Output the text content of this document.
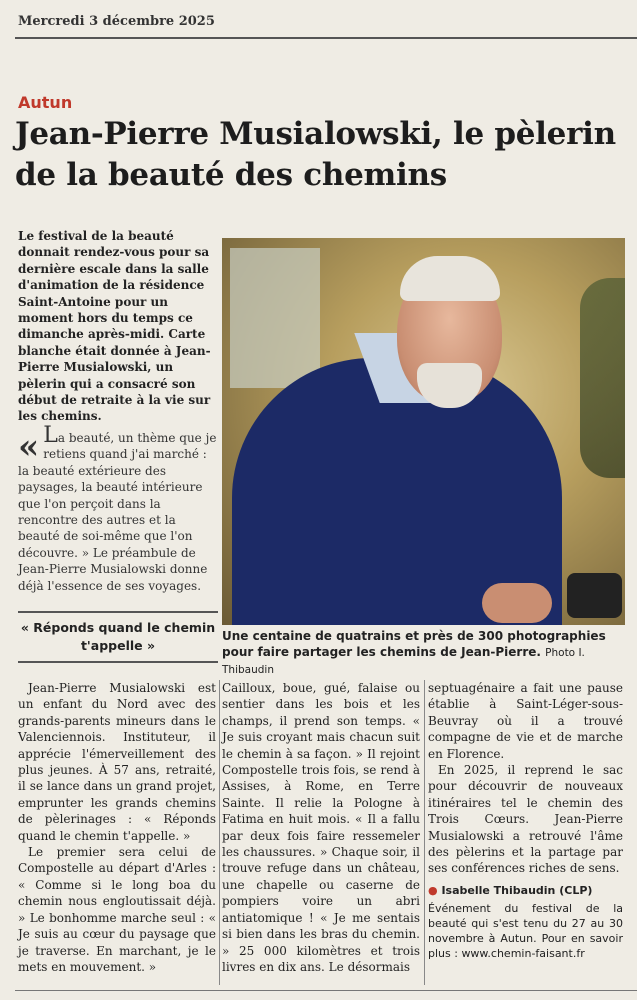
Mercredi 3 décembre 2025
Autun
Jean-Pierre Musialowski, le pèlerin de la beauté des chemins
Le festival de la beauté donnait rendez-vous pour sa dernière escale dans la salle d'animation de la résidence Saint-Antoine pour un moment hors du temps ce dimanche après-midi. Carte blanche était donnée à Jean-Pierre Musialowski, un pèlerin qui a consacré son début de retraite à la vie sur les chemins.
« La beauté, un thème que je retiens quand j'ai marché : la beauté extérieure des paysages, la beauté intérieure que l'on perçoit dans la rencontre des autres et la beauté de soi-même que l'on découvre. » Le préambule de Jean-Pierre Musialowski donne déjà l'essence de ses voyages.
Une centaine de quatrains et près de 300 photographies pour faire partager les chemins de Jean-Pierre. Photo I. Thibaudin
« Réponds quand le chemin t'appelle »

Jean-Pierre Musialowski est un enfant du Nord avec des grands-parents mineurs dans le Valenciennois. Instituteur, il apprécie l'émerveillement des plus jeunes. À 57 ans, retraité, il se lance dans un grand projet, emprunter les grands chemins de pèlerinages : « Réponds quand le chemin t'appelle. »

Le premier sera celui de Compostelle au départ d'Arles : « Comme si le long boa du chemin nous engloutissait déjà. » Le bonhomme marche seul : « Je suis au cœur du paysage que je traverse. En marchant, je le mets en mouvement. »

Cailloux, boue, gué, falaise ou sentier dans les bois et les champs, il prend son temps. « Je suis croyant mais chacun suit le chemin à sa façon. » Il rejoint Compostelle trois fois, se rend à Assises, à Rome, en Terre Sainte. Il relie la Pologne à Fatima en huit mois. « Il a fallu par deux fois faire ressemeler les chaussures. » Chaque soir, il trouve refuge dans un château, une chapelle ou caserne de pompiers voire un abri antiatomique ! « Je me sentais si bien dans les bras du chemin. » 25 000 kilomètres et trois livres en dix ans. Le désormais

septuagénaire a fait une pause établie à Saint-Léger-sous-Beuvray où il a trouvé compagne de vie et de marche en Florence.

En 2025, il reprend le sac pour découvrir de nouveaux itinéraires tel le chemin des Trois Cœurs. Jean-Pierre Musialowski a retrouvé l'âme des pèlerins et la partage par ses conférences riches de sens.

● Isabelle Thibaudin (CLP)
Événement du festival de la beauté qui s'est tenu du 27 au 30 novembre à Autun. Pour en savoir plus : www.chemin-faisant.fr
